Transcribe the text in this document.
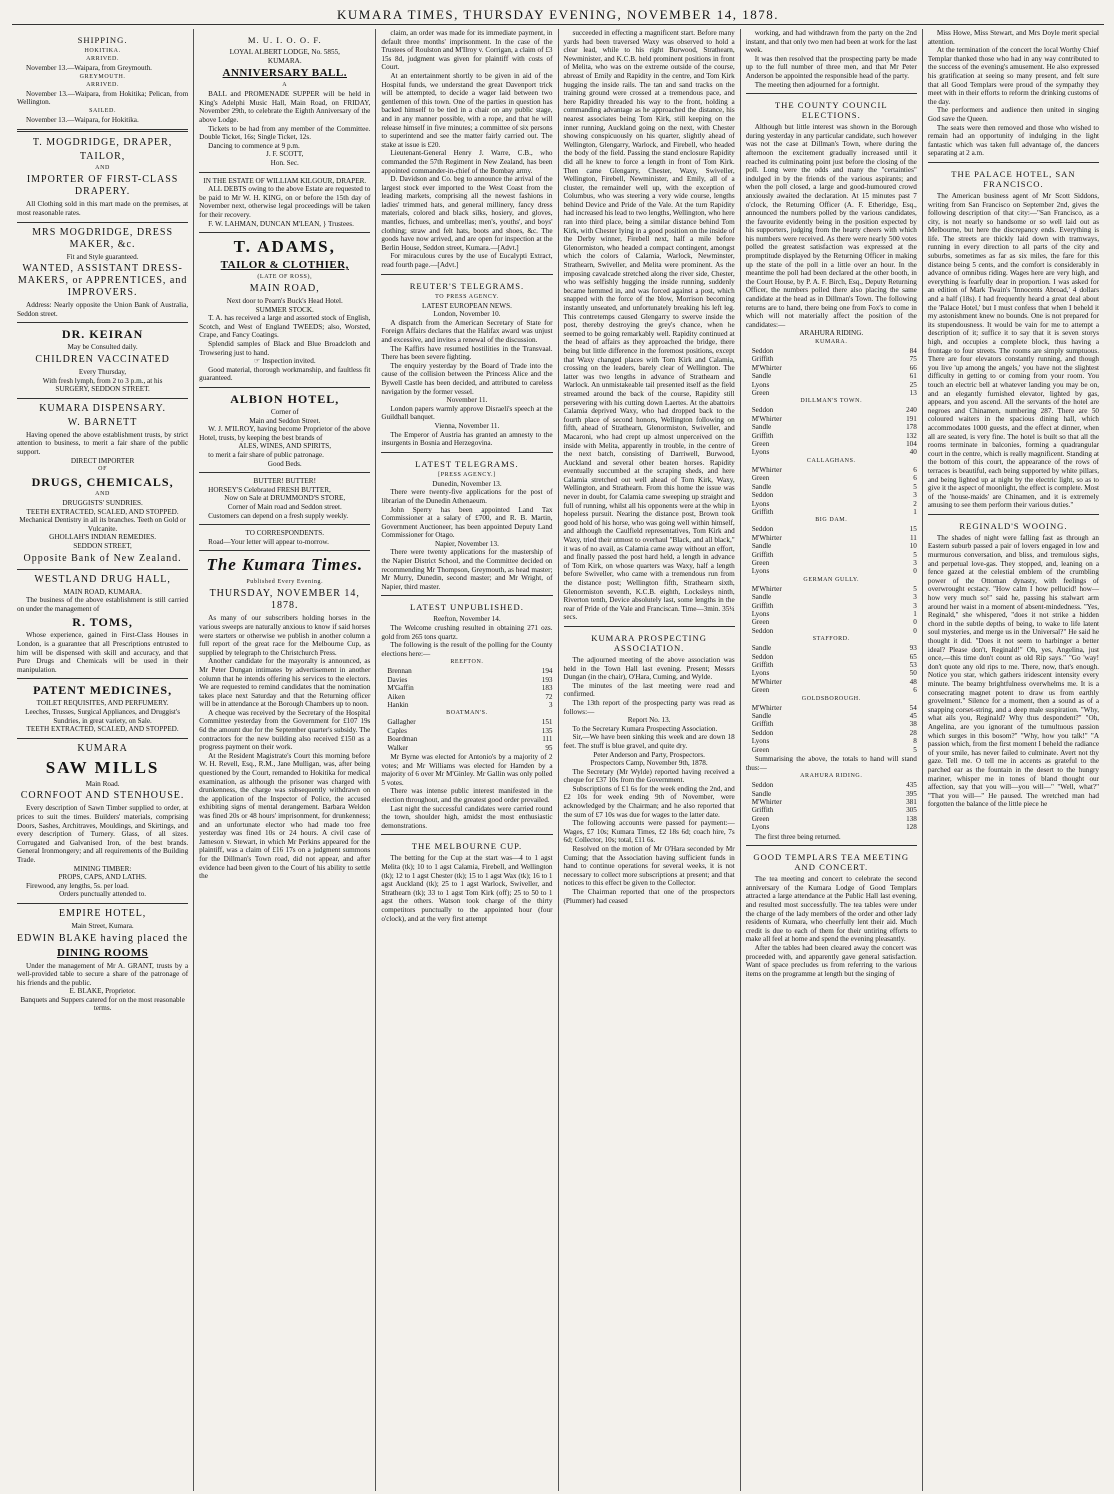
KUMARA TIMES, THURSDAY EVENING, NOVEMBER 14, 1878.
SHIPPING.
HOKITIKA.
ARRIVED.
November 13.—Waipara, from Greymouth.
GREYMOUTH.
ARRIVED.
November 13.—Waipara, from Hokitika; Pelican, from Wellington.
SAILED.
November 13.—Waipara, for Hokitika.
T. MOGDRIDGE, DRAPER,
TAILOR,
AND
IMPORTER OF FIRST-CLASS DRAPERY.
All Clothing sold in this mart made on the premises, at most reasonable rates.
MRS MOGDRIDGE, DRESS MAKER, &c.
Fit and Style guaranteed.
WANTED, ASSISTANT DRESS-MAKERS, or APPRENTICES, and IMPROVERS.
Address: Nearly opposite the Union Bank of Australia, Seddon street.
DR. KEIRAN
May be Consulted daily.
CHILDREN VACCINATED
Every Thursday,
With fresh lymph, from 2 to 3 p.m., at his
SURGERY, SEDDON STREET.
KUMARA DISPENSARY.
W. BARNETT
Having opened the above establishment trusts, by strict attention to business, to merit a fair share of the public support.
DIRECT IMPORTER
OF
DRUGS, CHEMICALS,
AND
DRUGGISTS' SUNDRIES.
TEETH EXTRACTED, SCALED, AND STOPPED.
Mechanical Dentistry in all its branches. Teeth on Gold or Vulcanite.
GHOLLAH'S INDIAN REMEDIES.
SEDDON STREET,
Opposite Bank of New Zealand.
WESTLAND DRUG HALL,
MAIN ROAD, KUMARA.
The business of the above establishment is still carried on under the management of
R. TOMS,
Whose experience, gained in First-Class Houses in London, is a guarantee that all Prescriptions entrusted to him will be dispensed with skill and accuracy, and that Pure Drugs and Chemicals will be used in their manipulation.
PATENT MEDICINES,
TOILET REQUISITES, AND PERFUMERY.
Leeches, Trusses, Surgical Appliances, and Druggist's Sundries, in great variety, on Sale.
TEETH EXTRACTED, SCALED, AND STOPPED.
KUMARA
SAW MILLS
Main Road.
CORNFOOT AND STENHOUSE.
Every description of Sawn Timber supplied to order, at prices to suit the times. Builders' materials, comprising Doors, Sashes, Architraves, Mouldings, and Skirtings, and every description of Turnery. Glass, of all sizes. Corrugated and Galvanised Iron, of the best brands. General Ironmongery; and all requirements of the Building Trade.
MINING TIMBER:
PROPS, CAPS, AND LATHS.
Firewood, any lengths, 5s. per load.
Orders punctually attended to.
EMPIRE HOTEL,
Main Street, Kumara.
EDWIN BLAKE having placed the
DINING ROOMS
Under the management of Mr A. GRANT, trusts by a well-provided table to secure a share of the patronage of his friends and the public.
E. BLAKE, Proprietor.
Banquets and Suppers catered for on the most reasonable terms.
M. U. I. O. O. F.
LOYAL ALBERT LODGE, No. 5855,
KUMARA.
ANNIVERSARY BALL.
A
BALL and PROMENADE SUPPER will be held in King's Adelphi Music Hall, Main Road, on FRIDAY, November 29th, to celebrate the Eighth Anniversary of the above Lodge.
Tickets to be had from any member of the Committee. Double Ticket, 16s; Single Ticket, 12s.
Dancing to commence at 9 p.m.
J. F. SCOTT,
Hon. Sec.
IN THE ESTATE OF WILLIAM KILGOUR, DRAPER.
ALL DEBTS owing to the above Estate are requested to be paid to Mr W. H. KING, on or before the 15th day of November next, otherwise legal proceedings will be taken for their recovery.
F. W. LAHMAN, DUNCAN M'LEAN, } Trustees.
T. ADAMS,
TAILOR & CLOTHIER,
(LATE OF ROSS),
MAIN ROAD,
Next door to Pearn's Buck's Head Hotel.
SUMMER STOCK.
T. A. has received a large and assorted stock of English, Scotch, and West of England TWEEDS; also, Worsted, Crape, and Fancy Coatings.
Splendid samples of Black and Blue Broadcloth and Trowsering just to hand.
☞ Inspection invited.
Good material, thorough workmanship, and faultless fit guaranteed.
ALBION HOTEL,
Corner of
Main and Seddon Street.
W. J. M'ILROY, having become Proprietor of the above Hotel, trusts, by keeping the best brands of
ALES, WINES, AND SPIRITS,
to merit a fair share of public patronage.
Good Beds.
BUTTER! BUTTER!
HORSEY'S Celebrated FRESH BUTTER,
Now on Sale at DRUMMOND'S STORE,
Corner of Main road and Seddon street.
Customers can depend on a fresh supply weekly.
TO CORRESPONDENTS.
Road—Your letter will appear to-morrow.
The Kumara Times.
Published Every Evening.
THURSDAY, NOVEMBER 14, 1878.
As many of our subscribers holding horses in the various sweeps are naturally anxious to know if said horses were starters or otherwise we publish in another column a full report of the great race for the Melbourne Cup, as supplied by telegraph to the Christchurch Press.
Another candidate for the mayoralty is announced, as Mr Peter Dungan intimates by advertisement in another column that he intends offering his services to the electors. We are requested to remind candidates that the nomination takes place next Saturday and that the Returning officer will be in attendance at the Borough Chambers up to noon.
A cheque was received by the Secretary of the Hospital Committee yesterday from the Government for £107 19s 6d the amount due for the September quarter's subsidy. The contractors for the new building also received £150 as a progress payment on their work.
At the Resident Magistrate's Court this morning before W. H. Revell, Esq., R.M., Jane Mulligan, was, after being questioned by the Court, remanded to Hokitika for medical examination, as although the prisoner was charged with drunkenness, the charge was subsequently withdrawn on the application of the Inspector of Police, the accused exhibiting signs of mental derangement. Barbara Weldon was fined 20s or 48 hours' imprisonment, for drunkenness; and an unfortunate elector who had made too free yesterday was fined 10s or 24 hours. A civil case of Jameson v. Stewart, in which Mr Perkins appeared for the plaintiff, was a claim of £16 17s on a judgment summons for the Dillman's Town road, did not appear, and after evidence had been given to the Court of his ability to settle the
claim, an order was made for its immediate payment, in default three months' imprisonment. In the case of the Trustees of Roulston and M'Ilroy v. Corrigan, a claim of £3 15s 8d, judgment was given for plaintiff with costs of Court.
At an entertainment shortly to be given in aid of the Hospital funds, we understand the great Davenport trick will be attempted, to decide a wager laid between two gentlemen of this town. One of the parties in question has backed himself to be tied in a chair on any public stage, and in any manner possible, with a rope, and that he will release himself in five minutes; a committee of six persons to superintend and see the matter fairly carried out. The stake at issue is £20.
Lieutenant-General Henry J. Warre, C.B., who commanded the 57th Regiment in New Zealand, has been appointed commander-in-chief of the Bombay army.
D. Davidson and Co. beg to announce the arrival of the largest stock ever imported to the West Coast from the leading markets, comprising all the newest fashions in ladies' trimmed hats, and general millinery, fancy dress materials, colored and black silks, hosiery, and gloves, mantles, fichues, and umbrellas; men's, youths', and boys' clothing; straw and felt hats, boots and shoes, &c. The goods have now arrived, and are open for inspection at the Berlin House, Seddon street, Kumara.—[Advt.]
For miraculous cures by the use of Eucalypti Extract, read fourth page.—[Advt.]
REUTER'S TELEGRAMS.
TO PRESS AGENCY.
LATEST EUROPEAN NEWS.
London, November 10.
A dispatch from the American Secretary of State for Foreign Affairs declares that the Halifax award was unjust and excessive, and invites a renewal of the discussion.
The Kaffirs have resumed hostilities in the Transvaal. There has been severe fighting.
The enquiry yesterday by the Board of Trade into the cause of the collision between the Princess Alice and the Bywell Castle has been decided, and attributed to careless navigation by the former vessel.
November 11.
London papers warmly approve Disraeli's speech at the Guildhall banquet.
Vienna, November 11.
The Emperor of Austria has granted an amnesty to the insurgents in Bosnia and Herzegovina.
LATEST TELEGRAMS.
[PRESS AGENCY.]
Dunedin, November 13.
There were twenty-five applications for the post of librarian of the Dunedin Athenaeum.
John Sperry has been appointed Land Tax Commissioner at a salary of £700, and R. B. Martin, Government Auctioneer, has been appointed Deputy Land Commissioner for Otago.
Napier, November 13.
There were twenty applications for the mastership of the Napier District School, and the Committee decided on recommending Mr Thompson, Greymouth, as head master; Mr Murry, Dunedin, second master; and Mr Wright, of Napier, third master.
LATEST UNPUBLISHED.
Reefton, November 14.
The Welcome crushing resulted in obtaining 271 ozs. gold from 265 tons quartz.
The following is the result of the polling for the County elections here:—
REEFTON.
Brennan	194
Davies	193
M'Gaffin	183
Aiken	72
Hankin	3
BOATMAN'S.
Gallagher	151
Caples	135
Boardman	111
Walker	95
Mr Byrne was elected for Antonio's by a majority of 2 votes; and Mr Williams was elected for Hamden by a majority of 6 over Mr M'Ginley. Mr Gallin was only polled 5 votes.
There was intense public interest manifested in the election throughout, and the greatest good order prevailed.
Last night the successful candidates were carried round the town, shoulder high, amidst the most enthusiastic demonstrations.
THE MELBOURNE CUP.
The betting for the Cup at the start was—4 to 1 agst Melita (tk); 10 to 1 agst Calamia, Firebell, and Wellington (tk); 12 to 1 agst Chester (tk); 15 to 1 agst Wax (tk); 16 to 1 agst Auckland (tk); 25 to 1 agst Warlock, Swiveller, and Strathearn (tk); 33 to 1 agst Tom Kirk (off); 25 to 50 to 1 agst the others. Watson took charge of the thirty competitors punctually to the appointed hour (four o'clock), and at the very first attempt
succeeded in effecting a magnificent start. Before many yards had been traversed Waxy was observed to hold a clear lead, while to his right Burwood, Strathearn, Newminister, and K.C.B. held prominent positions in front of Melita, who was on the extreme outside of the course, abreast of Emily and Rapidity in the centre, and Tom Kirk hugging the inside rails. The tan and sand tracks on the training ground were crossed at a tremendous pace, and here Rapidity threaded his way to the front, holding a commanding advantage as he approached the distance, his nearest associates being Tom Kirk, still keeping on the inner running, Auckland going on the next, with Chester showing conspicuously on his quarter, slightly ahead of Wellington, Glengarry, Warlock, and Firebell, who headed the body of the field. Passing the stand enclosure Rapidity did all he knew to force a length in front of Tom Kirk. Then came Glengarry, Chester, Waxy, Swiveller, Wellington, Firebell, Newminister, and Emily, all of a cluster, the remainder well up, with the exception of Columbus, who was steering a very wide course, lengths behind Device and Pride of the Vale. At the turn Rapidity had increased his lead to two lengths, Wellington, who here ran into third place, being a similar distance behind Tom Kirk, with Chester lying in a good position on the inside of the Derby winner, Firebell next, half a mile before Glenormiston, who headed a compact contingent, amongst which the colors of Calamia, Warlock, Newminster, Strathearn, Swiveller, and Melita were prominent. As the imposing cavalcade stretched along the river side, Chester, who was selfishly hugging the inside running, suddenly became hemmed in, and was forced against a post, which snapped with the force of the blow, Morrison becoming instantly unseated, and unfortunately breaking his left leg. This contretemps caused Glengarry to swerve inside the post, thereby destroying the grey's chance, when he seemed to be going remarkably well. Rapidity continued at the head of affairs as they approached the bridge, there being but little difference in the foremost positions, except that Waxy changed places with Tom Kirk and Calamia, crossing on the leaders, barely clear of Wellington. The latter was two lengths in advance of Strathearn and Warlock. An unmistakeable tail presented itself as the field streamed around the back of the course, Rapidity still persevering with his cutting down Laertes. At the abattoirs Calamia deprived Waxy, who had dropped back to the fourth place of second honors, Wellington following on fifth, ahead of Strathearn, Glenormiston, Swiveller, and Macaroni, who had crept up almost unperceived on the inside with Melita, apparently in trouble, in the centre of the next batch, consisting of Darriwell, Burwood, Auckland and several other beaten horses. Rapidity eventually succumbed at the scraping sheds, and here Calamia stretched out well ahead of Tom Kirk, Waxy, Wellington, and Strathearn. From this home the issue was never in doubt, for Calamia came sweeping up straight and full of running, whilst all his opponents were at the whip in hopeless pursuit. Nearing the distance post, Brown took good hold of his horse, who was going well within himself, and although the Caulfield representatives, Tom Kirk and Waxy, tried their utmost to overhaul "Black, and all black," it was of no avail, as Calamia came away without an effort, and finally passed the post hard held, a length in advance of Tom Kirk, on whose quarters was Waxy, half a length before Swiveller, who came with a tremendous run from the distance post; Wellington fifth, Strathearn sixth, Glenormiston seventh, K.C.B. eighth, Locksleys ninth, Riverton tenth, Device absolutely last, some lengths in the rear of Pride of the Vale and Franciscan. Time—3min. 35¼ secs.
KUMARA PROSPECTING ASSOCIATION.
The adjourned meeting of the above association was held in the Town Hall last evening. Present; Messrs Dungan (in the chair), O'Hara, Cuming, and Wylde.
The minutes of the last meeting were read and confirmed.
The 13th report of the prospecting party was read as follows:—
Report No. 13.
To the Secretary Kumara Prospecting Association.
Sir,—We have been sinking this week and are down 18 feet. The stuff is blue gravel, and quite dry.
Peter Anderson and Party, Prospectors.
Prospectors Camp, November 9th, 1878.
The Secretary (Mr Wylde) reported having received a cheque for £37 10s from the Government.
Subscriptions of £1 6s for the week ending the 2nd, and £2 10s for week ending 9th of November, were acknowledged by the Chairman; and he also reported that the sum of £7 10s was due for wages to the latter date.
The following accounts were passed for payment:—Wages, £7 10s; Kumara Times, £2 18s 6d; coach hire, 7s 6d; Collector, 10s; total, £11 6s.
Resolved on the motion of Mr O'Hara seconded by Mr Cuming; that the Association having sufficient funds in hand to continue operations for several weeks, it is not necessary to collect more subscriptions at present; and that notices to this effect be given to the Collector.
The Chairman reported that one of the prospectors (Plummer) had ceased
working, and had withdrawn from the party on the 2nd instant, and that only two men had been at work for the last week.
It was then resolved that the prospecting party be made up to the full number of three men, and that Mr Peter Anderson be appointed the responsible head of the party.
The meeting then adjourned for a fortnight.
THE COUNTY COUNCIL ELECTIONS.
Although but little interest was shown in the Borough during yesterday in any particular candidate, such however was not the case at Dillman's Town, where during the afternoon the excitement gradually increased until it reached its culminating point just before the closing of the poll. Long were the odds and many the "certainties" indulged in by the friends of the various aspirants; and when the poll closed, a large and good-humoured crowd anxiously awaited the declaration. At 15 minutes past 7 o'clock, the Returning Officer (A. F. Etheridge, Esq., announced the numbers polled by the various candidates, the favourite evidently being in the position expected by his supporters, judging from the hearty cheers with which his numbers were received. As there were nearly 500 votes polled the greatest satisfaction was expressed at the promptitude displayed by the Returning Officer in making up the state of the poll in a little over an hour. In the meantime the poll had been declared at the other booth, in the Court House, by P. A. F. Birch, Esq., Deputy Returning Officer, the numbers polled there also placing the same candidate at the head as in Dillman's Town. The following returns are to hand, there being one from Fox's to come in which will not materially affect the position of the candidates:—
ARAHURA RIDING.
KUMARA.
Seddon	84
Griffith	75
M'Whirter	66
Sandle	61
Lyons	25
Green	13
DILLMAN'S TOWN.
Seddon	240
M'Whirter	191
Sandle	178
Griffith	132
Green	104
Lyons	40
CALLAGHANS.
M'Whirter	6
Green	6
Sandle	5
Seddon	3
Lyons	2
Griffith	1
BIG DAM.
Seddon	15
M'Whirter	11
Sandle	10
Griffith	5
Green	3
Lyons	0
GERMAN GULLY.
M'Whirter	5
Sandle	3
Griffith	3
Lyons	1
Green	0
Seddon	0
STAFFORD.
Sandle	93
Seddon	65
Griffith	53
Lyons	50
M'Whirter	48
Green	6
GOLDSBOROUGH.
M'Whirter	54
Sandle	45
Griffith	38
Seddon	28
Lyons	8
Green	5
Summarising the above, the totals to hand will stand thus:—
ARAHURA RIDING.
Seddon	435
Sandle	395
M'Whirter	381
Griffith	305
Green	138
Lyons	128
The first three being returned.
GOOD TEMPLARS TEA MEETING AND CONCERT.
The tea meeting and concert to celebrate the second anniversary of the Kumara Lodge of Good Templars attracted a large attendance at the Public Hall last evening, and resulted most successfully. The tea tables were under the charge of the lady members of the order and other lady residents of Kumara, who cheerfully lent their aid. Much credit is due to each of them for their untiring efforts to make all feel at home and spend the evening pleasantly.
After the tables had been cleared away the concert was proceeded with, and apparently gave general satisfaction. Want of space precludes us from referring to the various items on the programme at length but the singing of
Miss Howe, Miss Stewart, and Mrs Doyle merit special attention.
At the termination of the concert the local Worthy Chief Templar thanked those who had in any way contributed to the success of the evening's amusement. He also expressed his gratification at seeing so many present, and felt sure that all Good Templars were proud of the sympathy they meet with in their efforts to reform the drinking customs of the day.
The performers and audience then united in singing God save the Queen.
The seats were then removed and those who wished to remain had an opportunity of indulging in the light fantastic which was taken full advantage of, the dancers separating at 2 a.m.
THE PALACE HOTEL, SAN FRANCISCO.
The American business agent of Mr Scott Siddons, writing from San Francisco on September 2nd, gives the following description of that city:—"San Francisco, as a city, is not nearly so handsome or so well laid out as Melbourne, but here the discrepancy ends. Everything is life. The streets are thickly laid down with tramways, running in every direction to all parts of the city and suburbs, sometimes as far as six miles, the fare for this distance being 5 cents, and the comfort is considerably in advance of omnibus riding. Wages here are very high, and everything is fearfully dear in proportion. I was asked for an edition of Mark Twain's 'Innocents Abroad,' 4 dollars and a half (18s). I had frequently heard a great deal about the 'Palace Hotel,' but I must confess that when I beheld it my astonishment knew no bounds. One is not prepared for its stupendousness. It would be vain for me to attempt a description of it; suffice it to say that it is seven storys high, and occupies a complete block, thus having a frontage to four streets. The rooms are simply sumptuous. There are four elevators constantly running, and though you live 'up among the angels,' you have not the slightest difficulty in getting to or coming from your room. You touch an electric bell at whatever landing you may be on, and an elegantly furnished elevator, lighted by gas, appears, and you ascend. All the servants of the hotel are negroes and Chinamen, numbering 287. There are 50 coloured waiters in the spacious dining hall, which accommodates 1000 guests, and the effect at dinner, when all are seated, is very fine. The hotel is built so that all the rooms terminate in balconies, forming a quadrangular court in the centre, which is really magnificent. Standing at the bottom of this court, the appearance of the rows of terraces is beautiful, each being supported by white pillars, and being lighted up at night by the electric light, so as to give it the aspect of moonlight, the effect is complete. Most of the 'house-maids' are Chinamen, and it is extremely amusing to see them perform their various duties."
REGINALD'S WOOING.
The shades of night were falling fast as through an Eastern suburb passed a pair of lovers engaged in low and murmurous conversation, and bliss, and tremulous sighs, and perpetual love-gas. They stopped, and, leaning on a fence gazed at the celestial emblem of the crumbling power of the Ottoman dynasty, with feelings of overwrought ecstacy. "How calm I how pellucid! how—how very much so!" said he, passing his stalwart arm around her waist in a moment of absent-mindedness. "Yes, Reginald," she whispered, "does it not strike a hidden chord in the subtle depths of being, to wake to life latent soul mysteries, and merge us in the Universal?" He said he thought it did. "Does it not seem to harbinger a better ideal? Please don't, Reginald!" Oh, yes, Angelina, just once,—this time don't count as old Rip says." "Go 'way! don't quote any old rips to me. There, now, that's enough. Notice you star, which gathers iridescent intensity every minute. The beamy brightfulness overwhelms me. It is a consecrating magnet potent to draw us from earthly grovelment." Silence for a moment, then a sound as of a snapping corset-string, and a deep male suspiration. "Why, what ails you, Reginald? Why thus despondent?" "Oh, Angelina, are you ignorant of the tumultuous passion which surges in this bosom?" "Why, how you talk!" "A passion which, from the first moment I beheld the radiance of your smile, has never failed to culminate. Avert not thy gaze. Tell me. O tell me in accents as grateful to the parched ear as the fountain in the desert to the hungry mariner, whisper me in tones of bland thought our affection, say that you will—you will—" "Well, what?" "That you will—" He paused. The wretched man had forgotten the balance of the little piece he
